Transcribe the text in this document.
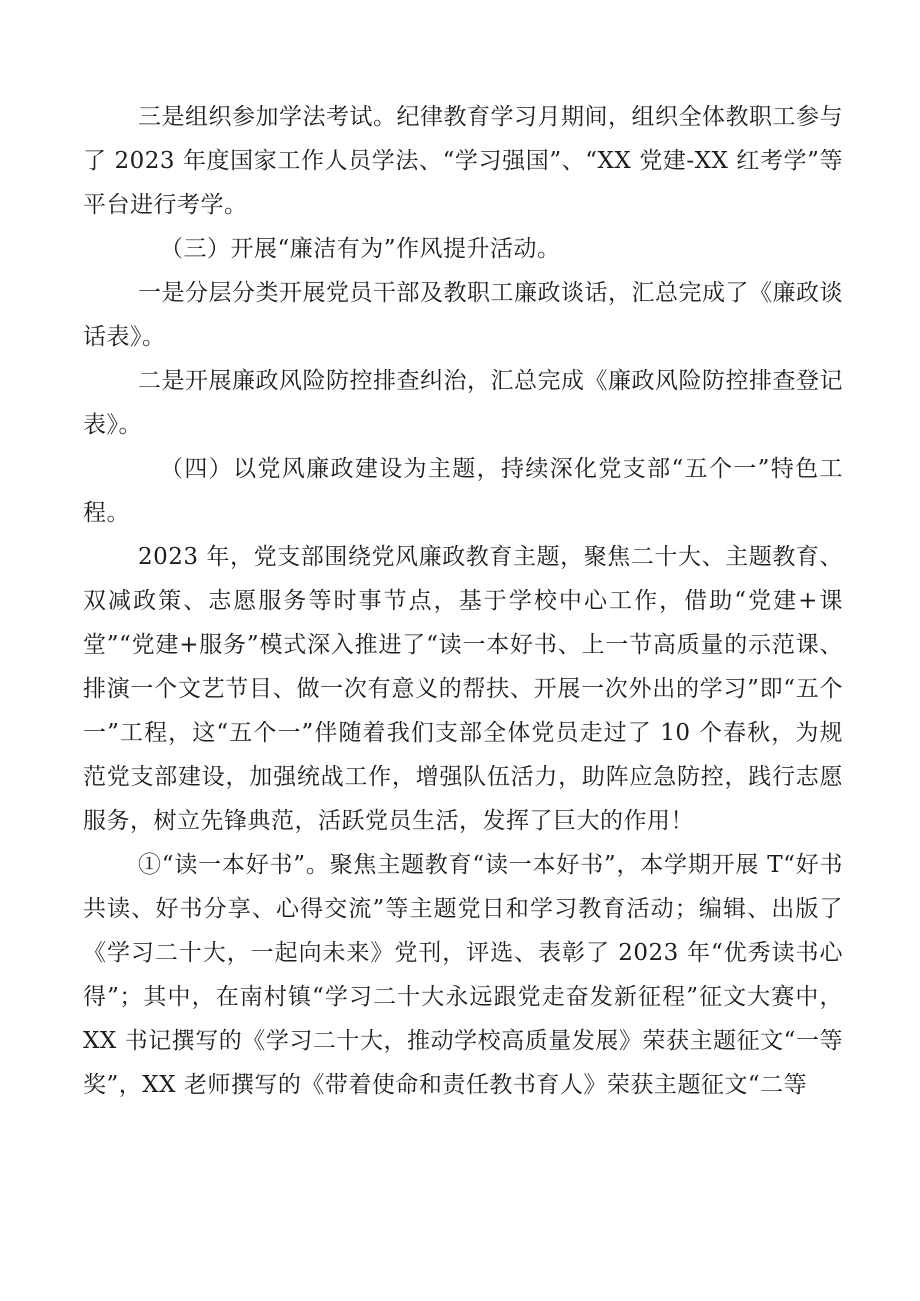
三是组织参加学法考试。纪律教育学习月期间，组织全体教职工参与了 2023 年度国家工作人员学法、“学习强国”、“XX 党建-XX 红考学”等平台进行考学。

（三）开展“廉洁有为”作风提升活动。

一是分层分类开展党员干部及教职工廉政谈话，汇总完成了《廉政谈话表》。

二是开展廉政风险防控排查纠治，汇总完成《廉政风险防控排查登记表》。

（四）以党风廉政建设为主题，持续深化党支部“五个一”特色工程。

2023 年，党支部围绕党风廉政教育主题，聚焦二十大、主题教育、双减政策、志愿服务等时事节点，基于学校中心工作，借助“党建+课堂”“党建+服务”模式深入推进了“读一本好书、上一节高质量的示范课、排演一个文艺节目、做一次有意义的帮扶、开展一次外出的学习”即“五个一”工程，这“五个一”伴随着我们支部全体党员走过了 10 个春秋，为规范党支部建设，加强统战工作，增强队伍活力，助阵应急防控，践行志愿服务，树立先锋典范，活跃党员生活，发挥了巨大的作用！

①“读一本好书”。聚焦主题教育“读一本好书”，本学期开展 T“好书共读、好书分享、心得交流”等主题党日和学习教育活动；编辑、出版了《学习二十大，一起向未来》党刊，评选、表彰了 2023 年“优秀读书心得”；其中，在南村镇“学习二十大永远跟党走奋发新征程”征文大赛中，XX 书记撰写的《学习二十大，推动学校高质量发展》荣获主题征文“一等奖”，XX 老师撰写的《带着使命和责任教书育人》荣获主题征文“二等
